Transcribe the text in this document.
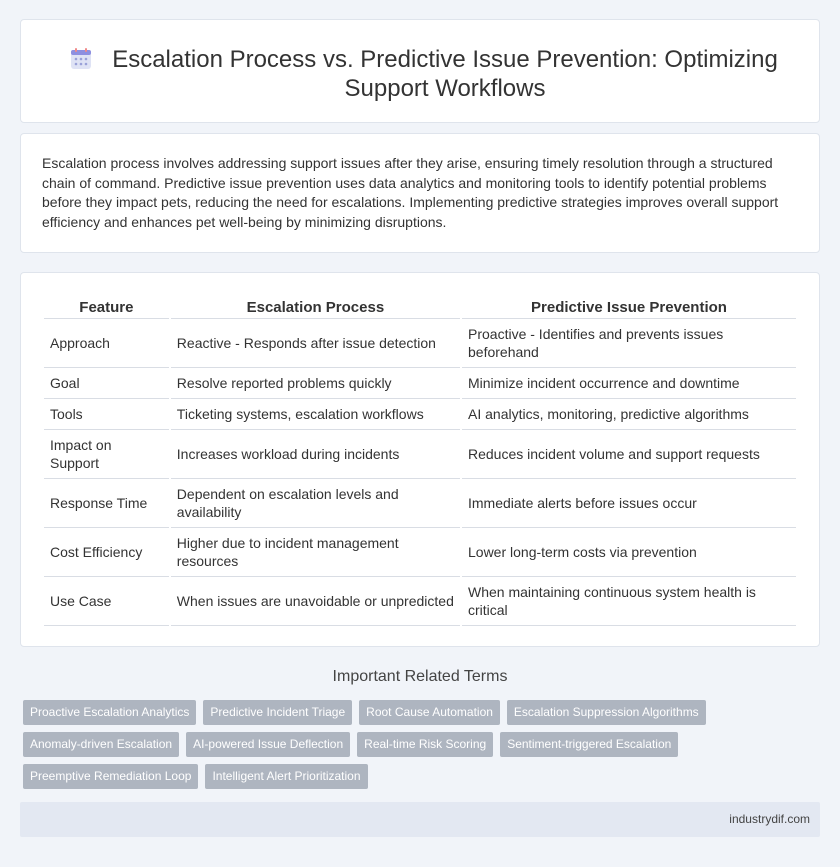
Escalation Process vs. Predictive Issue Prevention: Optimizing Support Workflows

Escalation process involves addressing support issues after they arise, ensuring timely resolution through a structured chain of command. Predictive issue prevention uses data analytics and monitoring tools to identify potential problems before they impact pets, reducing the need for escalations. Implementing predictive strategies improves overall support efficiency and enhances pet well-being by minimizing disruptions.

Feature	Escalation Process	Predictive Issue Prevention
Approach	Reactive - Responds after issue detection	Proactive - Identifies and prevents issues beforehand
Goal	Resolve reported problems quickly	Minimize incident occurrence and downtime
Tools	Ticketing systems, escalation workflows	AI analytics, monitoring, predictive algorithms
Impact on Support	Increases workload during incidents	Reduces incident volume and support requests
Response Time	Dependent on escalation levels and availability	Immediate alerts before issues occur
Cost Efficiency	Higher due to incident management resources	Lower long-term costs via prevention
Use Case	When issues are unavoidable or unpredicted	When maintaining continuous system health is critical
Important Related Terms
Proactive Escalation Analytics	Predictive Incident Triage	Root Cause Automation	Escalation Suppression Algorithms
Anomaly-driven Escalation	AI-powered Issue Deflection	Real-time Risk Scoring	Sentiment-triggered Escalation
Preemptive Remediation Loop	Intelligent Alert Prioritization
industrydif.com
